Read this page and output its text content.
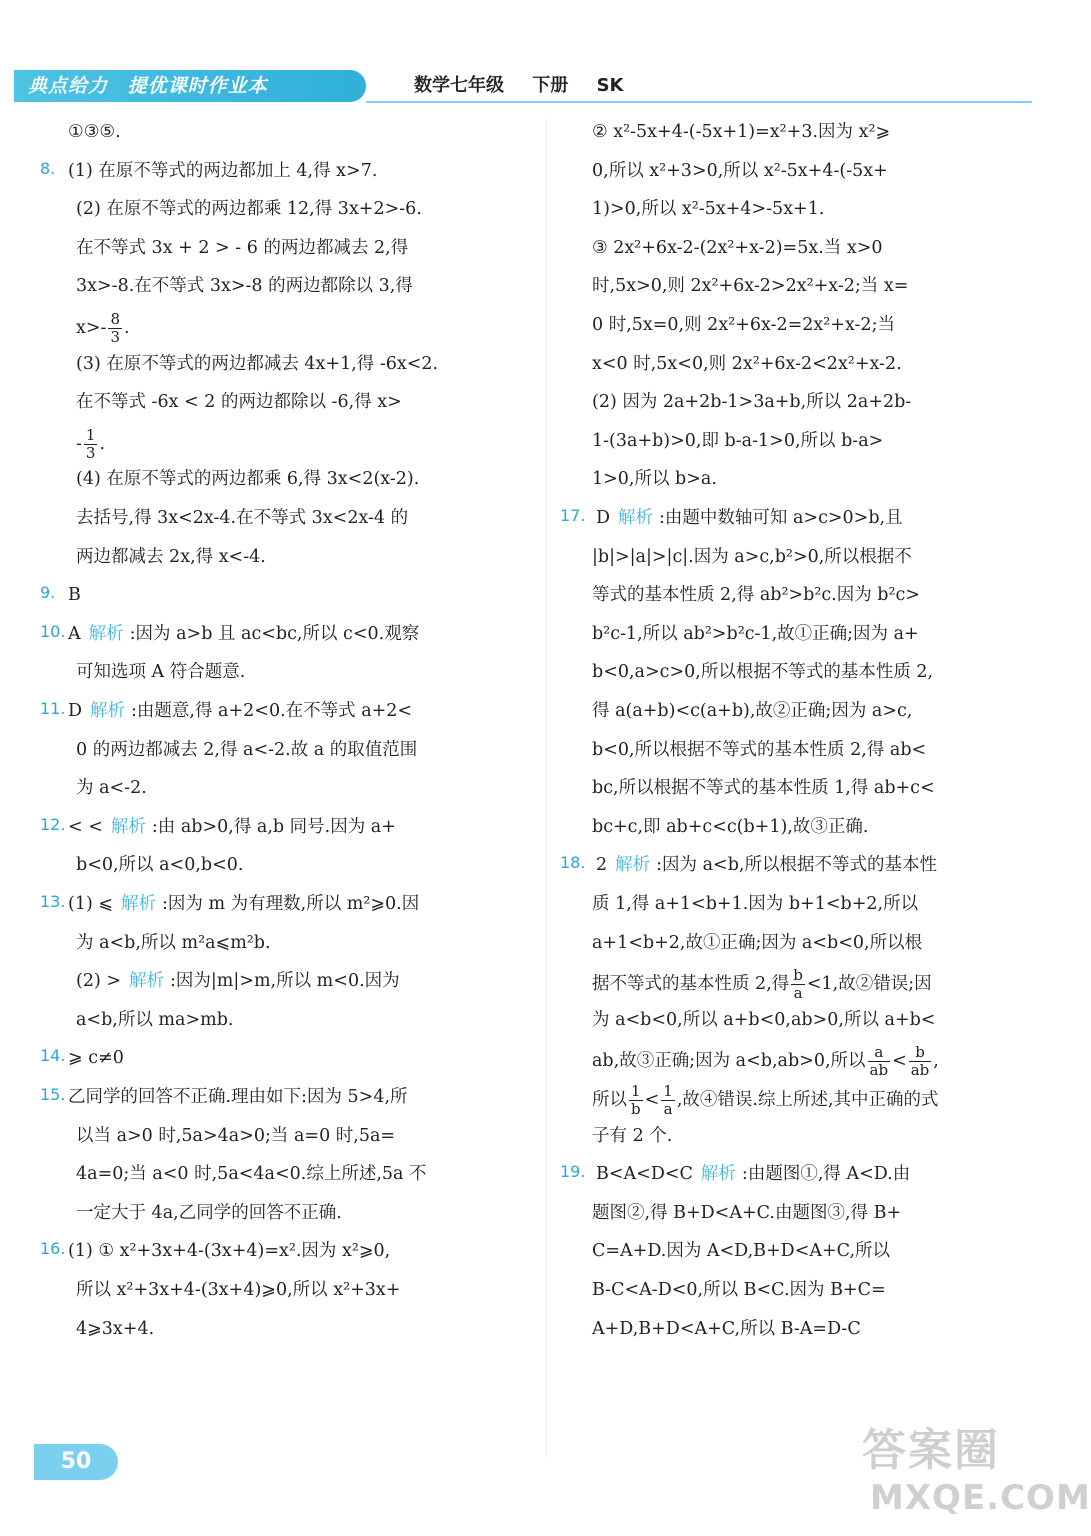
典点给力 提优课时作业本	数学七年级 下册 SK
①③⑤.
8. (1) 在原不等式的两边都加上 4,得 x>7.
(2) 在原不等式的两边都乘 12,得 3x+2>-6.
在不等式 3x + 2 > - 6 的两边都减去 2,得
3x>-8.在不等式 3x>-8 的两边都除以 3,得
$x>- \frac{8}{3}$ .
(3) 在原不等式的两边都减去 4x+1,得 -6x<2.
在不等式 -6x < 2 的两边都除以 -6,得 x>
- $\frac{1}{3}$ .
(4) 在原不等式的两边都乘 6,得 3x<2(x-2).
去括号,得 3x<2x-4.在不等式 3x<2x-4 的
两边都减去 2x,得 x<-4.
9. B
10. A 解析 :因为 a>b 且 ac<bc,所以 c<0.观察
可知选项 A 符合题意.
11. D 解析 :由题意,得 a+2<0.在不等式 a+2<
0 的两边都减去 2,得 a<-2.故 a 的取值范围
为 a<-2.
12. < < 解析 :由 ab>0,得 a,b 同号.因为 a+
b<0,所以 a<0,b<0.
13. (1) ⩽ 解析 :因为 m 为有理数,所以 m²⩾0.因
为 a<b,所以 m²a⩽m²b.
(2) > 解析 :因为|m|>m,所以 m<0.因为
a<b,所以 ma>mb.
14. ⩾ c≠0
15. 乙同学的回答不正确.理由如下:因为 5>4,所
以当 a>0 时,5a>4a>0;当 a=0 时,5a=
4a=0;当 a<0 时,5a<4a<0.综上所述,5a 不
一定大于 4a,乙同学的回答不正确.
16. (1) ① x²+3x+4-(3x+4)=x².因为 x²⩾0,
所以 x²+3x+4-(3x+4)⩾0,所以 x²+3x+
4⩾3x+4.
② x²-5x+4-(-5x+1)=x²+3.因为 x²⩾
0,所以 x²+3>0,所以 x²-5x+4-(-5x+
1)>0,所以 x²-5x+4>-5x+1.
③ 2x²+6x-2-(2x²+x-2)=5x.当 x>0
时,5x>0,则 2x²+6x-2>2x²+x-2;当 x=
0 时,5x=0,则 2x²+6x-2=2x²+x-2;当
x<0 时,5x<0,则 2x²+6x-2<2x²+x-2.
(2) 因为 2a+2b-1>3a+b,所以 2a+2b-
1-(3a+b)>0,即 b-a-1>0,所以 b-a>
1>0,所以 b>a.
17. D 解析 :由题中数轴可知 a>c>0>b,且
|b|>|a|>|c|.因为 a>c,b²>0,所以根据不
等式的基本性质 2,得 ab²>b²c.因为 b²c>
b²c-1,所以 ab²>b²c-1,故①正确;因为 a+
b<0,a>c>0,所以根据不等式的基本性质 2,
得 a(a+b)<c(a+b),故②正确;因为 a>c,
b<0,所以根据不等式的基本性质 2,得 ab<
bc,所以根据不等式的基本性质 1,得 ab+c<
bc+c,即 ab+c<c(b+1),故③正确.
18. 2 解析 :因为 a<b,所以根据不等式的基本性
质 1,得 a+1<b+1.因为 b+1<b+2,所以
a+1<b+2,故①正确;因为 a<b<0,所以根
据不等式的基本性质 2,得 $\frac{b}{a} <1$,故②错误;因
为 a<b<0,所以 a+b<0,ab>0,所以 a+b<
ab,故③正确;因为 a<b,ab>0,所以 $\frac{a}{ab} < \frac{b}{ab}$ ,
所以 $\frac{1}{b} < \frac{1}{a}$ ,故④错误.综上所述,其中正确的式
子有 2 个.
19. B<A<D<C 解析 :由题图①,得 A<D.由
题图②,得 B+D<A+C.由题图③,得 B+
C=A+D.因为 A<D,B+D<A+C,所以
B-C<A-D<0,所以 B<C.因为 B+C=
A+D,B+D<A+C,所以 B-A=D-C
50	答案圈
MXQE.COM
